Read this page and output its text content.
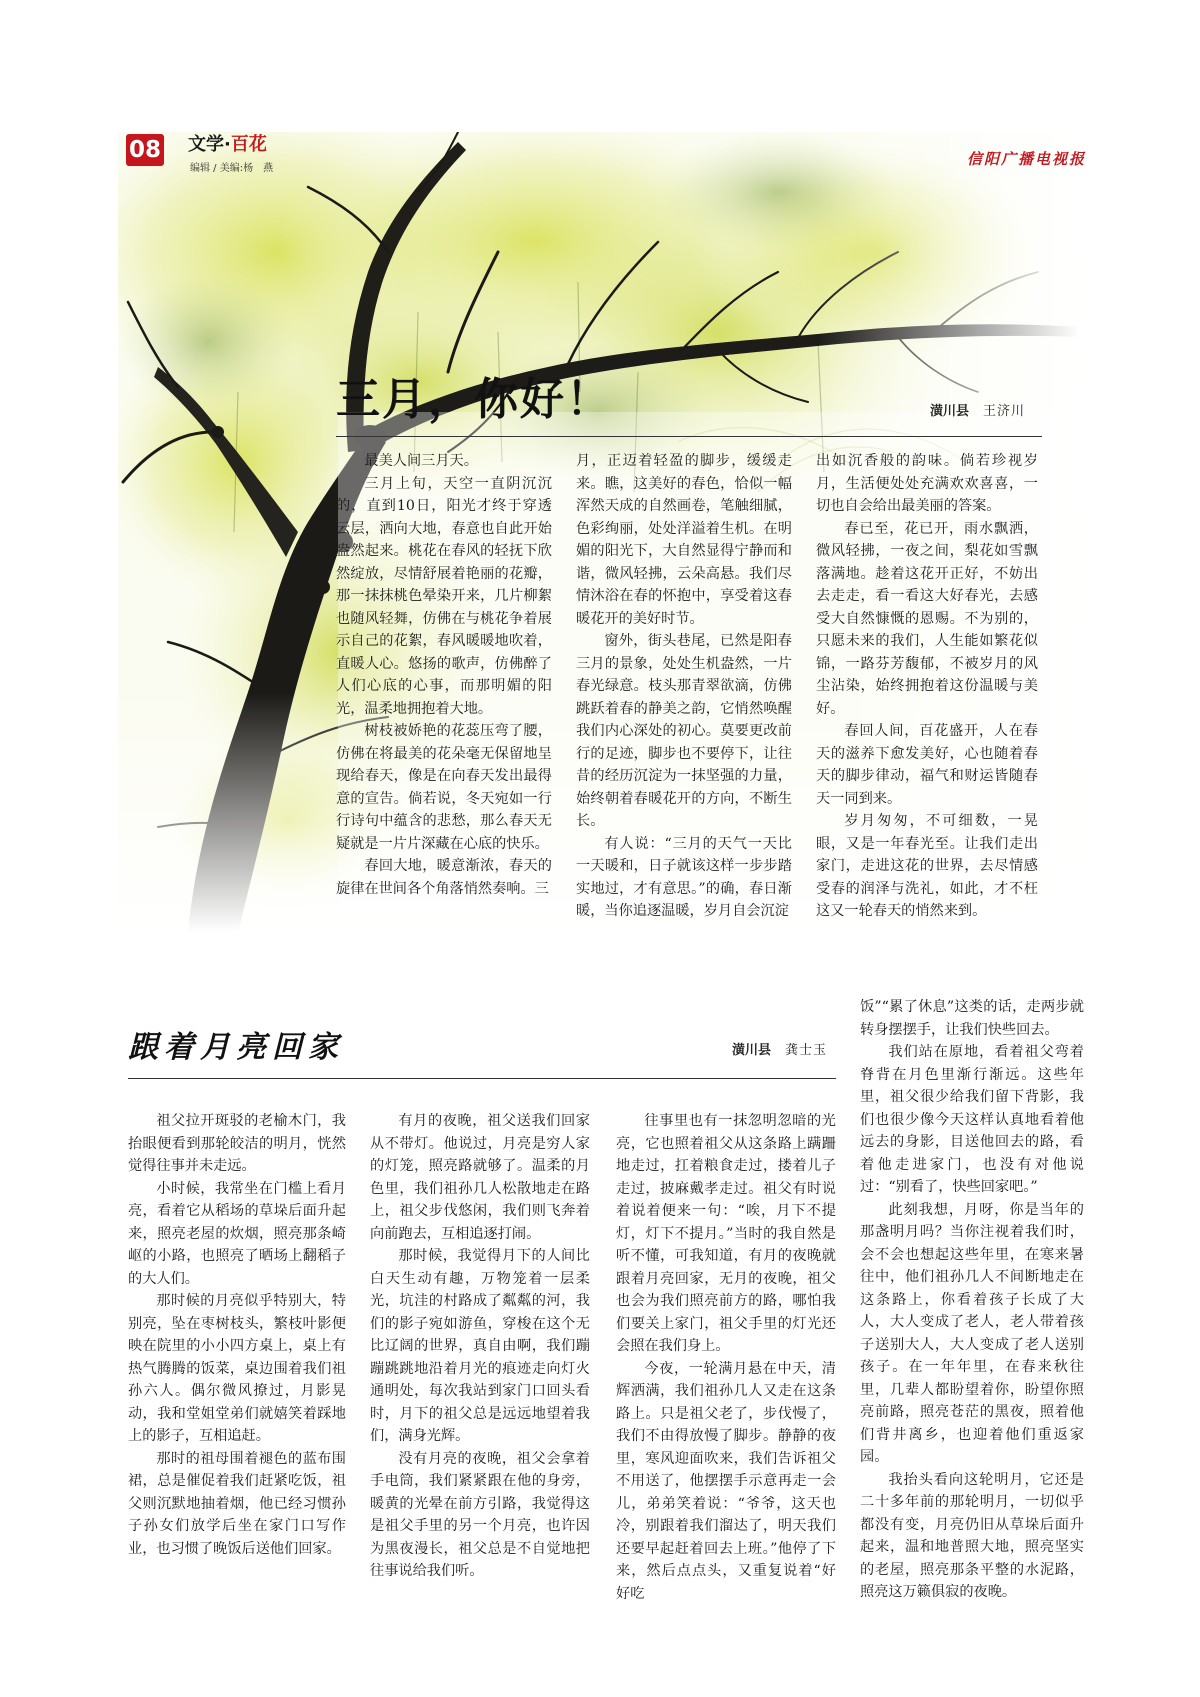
08 文学·百花
编辑 / 美编:杨　燕
信阳广播电视报
三月，你好！	潢川县 王济川

最美人间三月天。

三月上旬，天空一直阴沉沉的，直到10日，阳光才终于穿透云层，洒向大地，春意也自此开始盎然起来。桃花在春风的轻抚下欣然绽放，尽情舒展着艳丽的花瓣，那一抹抹桃色晕染开来，几片柳絮也随风轻舞，仿佛在与桃花争着展示自己的花絮，春风暖暖地吹着，直暖人心。悠扬的歌声，仿佛醉了人们心底的心事，而那明媚的阳光，温柔地拥抱着大地。

树枝被娇艳的花蕊压弯了腰，仿佛在将最美的花朵毫无保留地呈现给春天，像是在向春天发出最得意的宣告。倘若说，冬天宛如一行行诗句中蕴含的悲愁，那么春天无疑就是一片片深藏在心底的快乐。

春回大地，暖意渐浓，春天的旋律在世间各个角落悄然奏响。三

月，正迈着轻盈的脚步，缓缓走来。瞧，这美好的春色，恰似一幅浑然天成的自然画卷，笔触细腻，色彩绚丽，处处洋溢着生机。在明媚的阳光下，大自然显得宁静而和谐，微风轻拂，云朵高悬。我们尽情沐浴在春的怀抱中，享受着这春暖花开的美好时节。

窗外，街头巷尾，已然是阳春三月的景象，处处生机盎然，一片春光绿意。枝头那青翠欲滴，仿佛跳跃着春的静美之韵，它悄然唤醒我们内心深处的初心。莫要更改前行的足迹，脚步也不要停下，让往昔的经历沉淀为一抹坚强的力量，始终朝着春暖花开的方向，不断生长。

有人说：“三月的天气一天比一天暖和，日子就该这样一步步踏实地过，才有意思。”的确，春日渐暖，当你追逐温暖，岁月自会沉淀

出如沉香般的韵味。倘若珍视岁月，生活便处处充满欢欢喜喜，一切也自会给出最美丽的答案。

春已至，花已开，雨水飘洒，微风轻拂，一夜之间，梨花如雪飘落满地。趁着这花开正好，不妨出去走走，看一看这大好春光，去感受大自然慷慨的恩赐。不为别的，只愿未来的我们，人生能如繁花似锦，一路芬芳馥郁，不被岁月的风尘沾染，始终拥抱着这份温暖与美好。

春回人间，百花盛开，人在春天的滋养下愈发美好，心也随着春天的脚步律动，福气和财运皆随春天一同到来。

岁月匆匆，不可细数，一晃眼，又是一年春光至。让我们走出家门，走进这花的世界，去尽情感受春的润泽与洗礼，如此，才不枉这又一轮春天的悄然来到。

跟着月亮回家	潢川县 龚士玉

祖父拉开斑驳的老榆木门，我抬眼便看到那轮皎洁的明月，恍然觉得往事并未走远。

小时候，我常坐在门槛上看月亮，看着它从稻场的草垛后面升起来，照亮老屋的炊烟，照亮那条崎岖的小路，也照亮了晒场上翻稻子的大人们。

那时候的月亮似乎特别大，特别亮，坠在枣树枝头，繁枝叶影便映在院里的小小四方桌上，桌上有热气腾腾的饭菜，桌边围着我们祖孙六人。偶尔微风撩过，月影晃动，我和堂姐堂弟们就嬉笑着踩地上的影子，互相追赶。

那时的祖母围着褪色的蓝布围裙，总是催促着我们赶紧吃饭，祖父则沉默地抽着烟，他已经习惯孙子孙女们放学后坐在家门口写作业，也习惯了晚饭后送他们回家。

有月的夜晚，祖父送我们回家从不带灯。他说过，月亮是穷人家的灯笼，照亮路就够了。温柔的月色里，我们祖孙几人松散地走在路上，祖父步伐悠闲，我们则飞奔着向前跑去，互相追逐打闹。

那时候，我觉得月下的人间比白天生动有趣，万物笼着一层柔光，坑洼的村路成了粼粼的河，我们的影子宛如游鱼，穿梭在这个无比辽阔的世界，真自由啊，我们蹦蹦跳跳地沿着月光的痕迹走向灯火通明处，每次我站到家门口回头看时，月下的祖父总是远远地望着我们，满身光辉。

没有月亮的夜晚，祖父会拿着手电筒，我们紧紧跟在他的身旁，暖黄的光晕在前方引路，我觉得这是祖父手里的另一个月亮，也许因为黑夜漫长，祖父总是不自觉地把往事说给我们听。

往事里也有一抹忽明忽暗的光亮，它也照着祖父从这条路上蹒跚地走过，扛着粮食走过，搂着儿子走过，披麻戴孝走过。祖父有时说着说着便来一句：“唉，月下不提灯，灯下不提月。”当时的我自然是听不懂，可我知道，有月的夜晚就跟着月亮回家，无月的夜晚，祖父也会为我们照亮前方的路，哪怕我们要关上家门，祖父手里的灯光还会照在我们身上。

今夜，一轮满月悬在中天，清辉洒满，我们祖孙几人又走在这条路上。只是祖父老了，步伐慢了，我们不由得放慢了脚步。静静的夜里，寒风迎面吹来，我们告诉祖父不用送了，他摆摆手示意再走一会儿，弟弟笑着说：“爷爷，这天也冷，别跟着我们溜达了，明天我们还要早起赶着回去上班。”他停了下来，然后点点头，又重复说着“好好吃

饭”“累了休息”这类的话，走两步就转身摆摆手，让我们快些回去。

我们站在原地，看着祖父弯着脊背在月色里渐行渐远。这些年里，祖父很少给我们留下背影，我们也很少像今天这样认真地看着他远去的身影，目送他回去的路，看着他走进家门，也没有对他说过：“别看了，快些回家吧。”

此刻我想，月呀，你是当年的那盏明月吗？当你注视着我们时，会不会也想起这些年里，在寒来暑往中，他们祖孙几人不间断地走在这条路上，你看着孩子长成了大人，大人变成了老人，老人带着孩子送别大人，大人变成了老人送别孩子。在一年年里，在春来秋往里，几辈人都盼望着你，盼望你照亮前路，照亮苍茫的黑夜，照着他们背井离乡，也迎着他们重返家园。

我抬头看向这轮明月，它还是二十多年前的那轮明月，一切似乎都没有变，月亮仍旧从草垛后面升起来，温和地普照大地，照亮坚实的老屋，照亮那条平整的水泥路，照亮这万籁俱寂的夜晚。
